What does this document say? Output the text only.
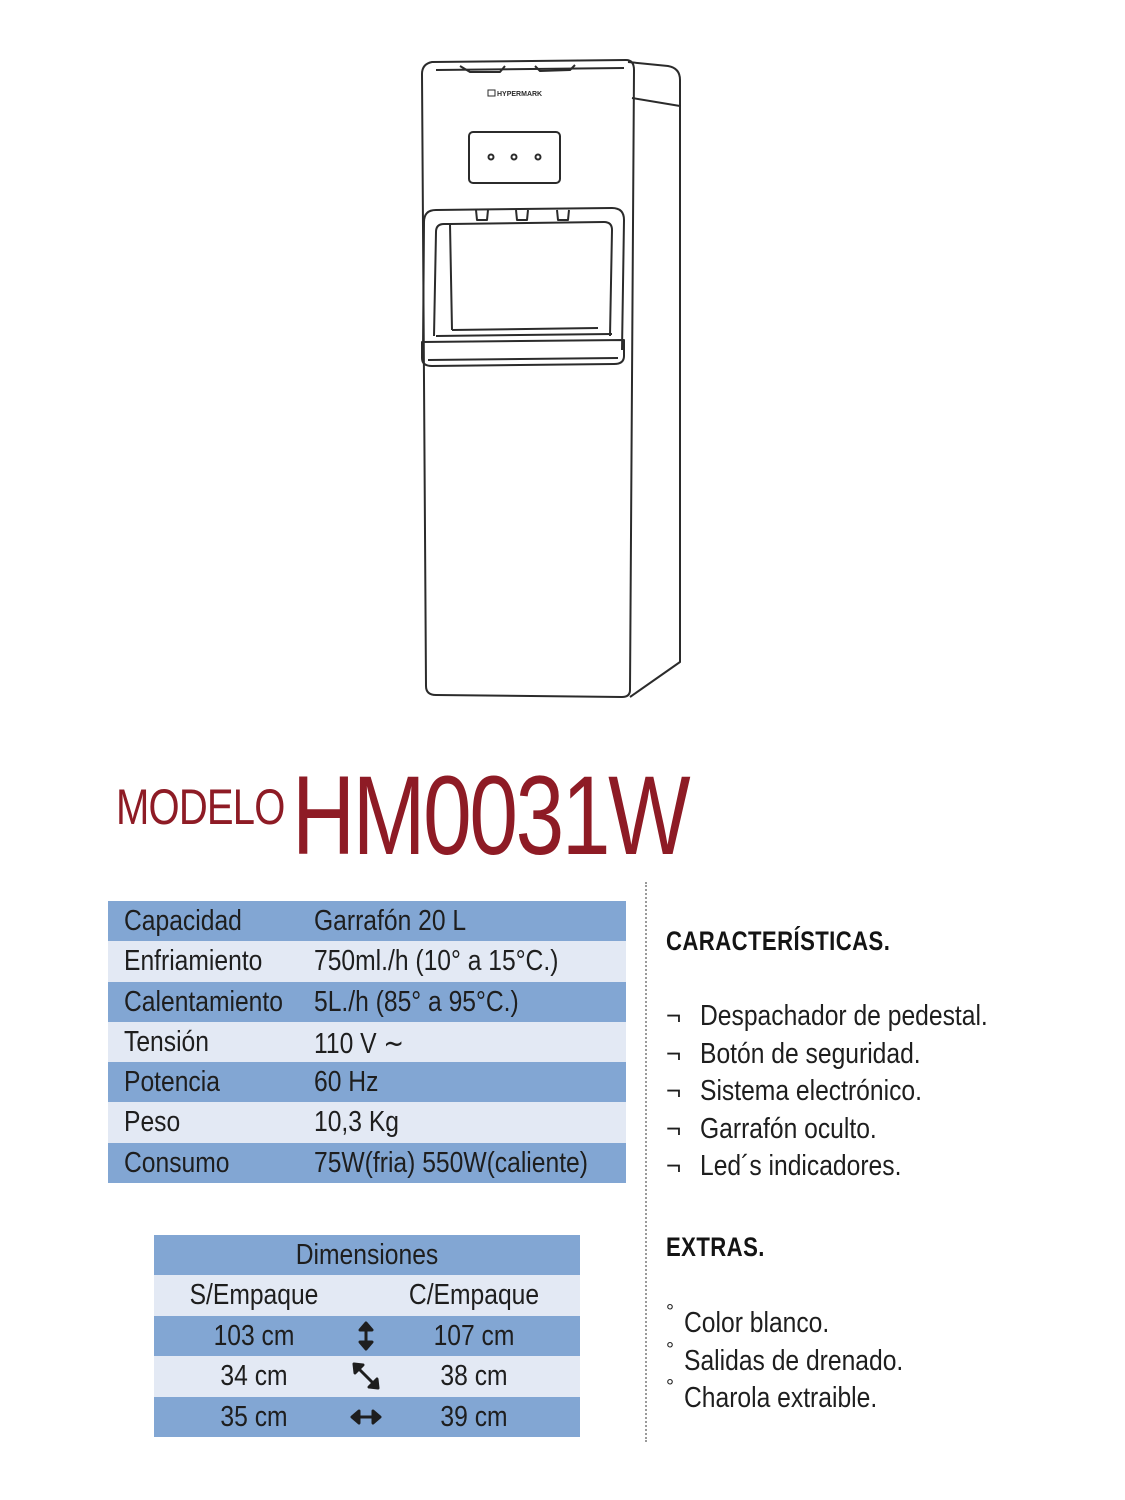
HYPERMARK
MODELO HM0031W
Capacidad Garrafón 20 L
Enfriamiento 750ml./h (10° a 15°C.)
Calentamiento 5L./h (85° a 95°C.)
Tensión	110 V ∼
Potencia	60 Hz
Peso	10,3 Kg
Consumo	75W(fria) 550W(caliente)
Dimensiones
S/Empaque	C/Empaque
103 cm	107 cm
34 cm	38 cm
35 cm	39 cm
CARACTERÍSTICAS.
¬ Despachador de pedestal.
¬ Botón de seguridad.
¬ Sistema electrónico.
¬ Garrafón oculto.
¬ Led´s indicadores.
EXTRAS.
° Color blanco.
° Salidas de drenado.
° Charola extraible.
